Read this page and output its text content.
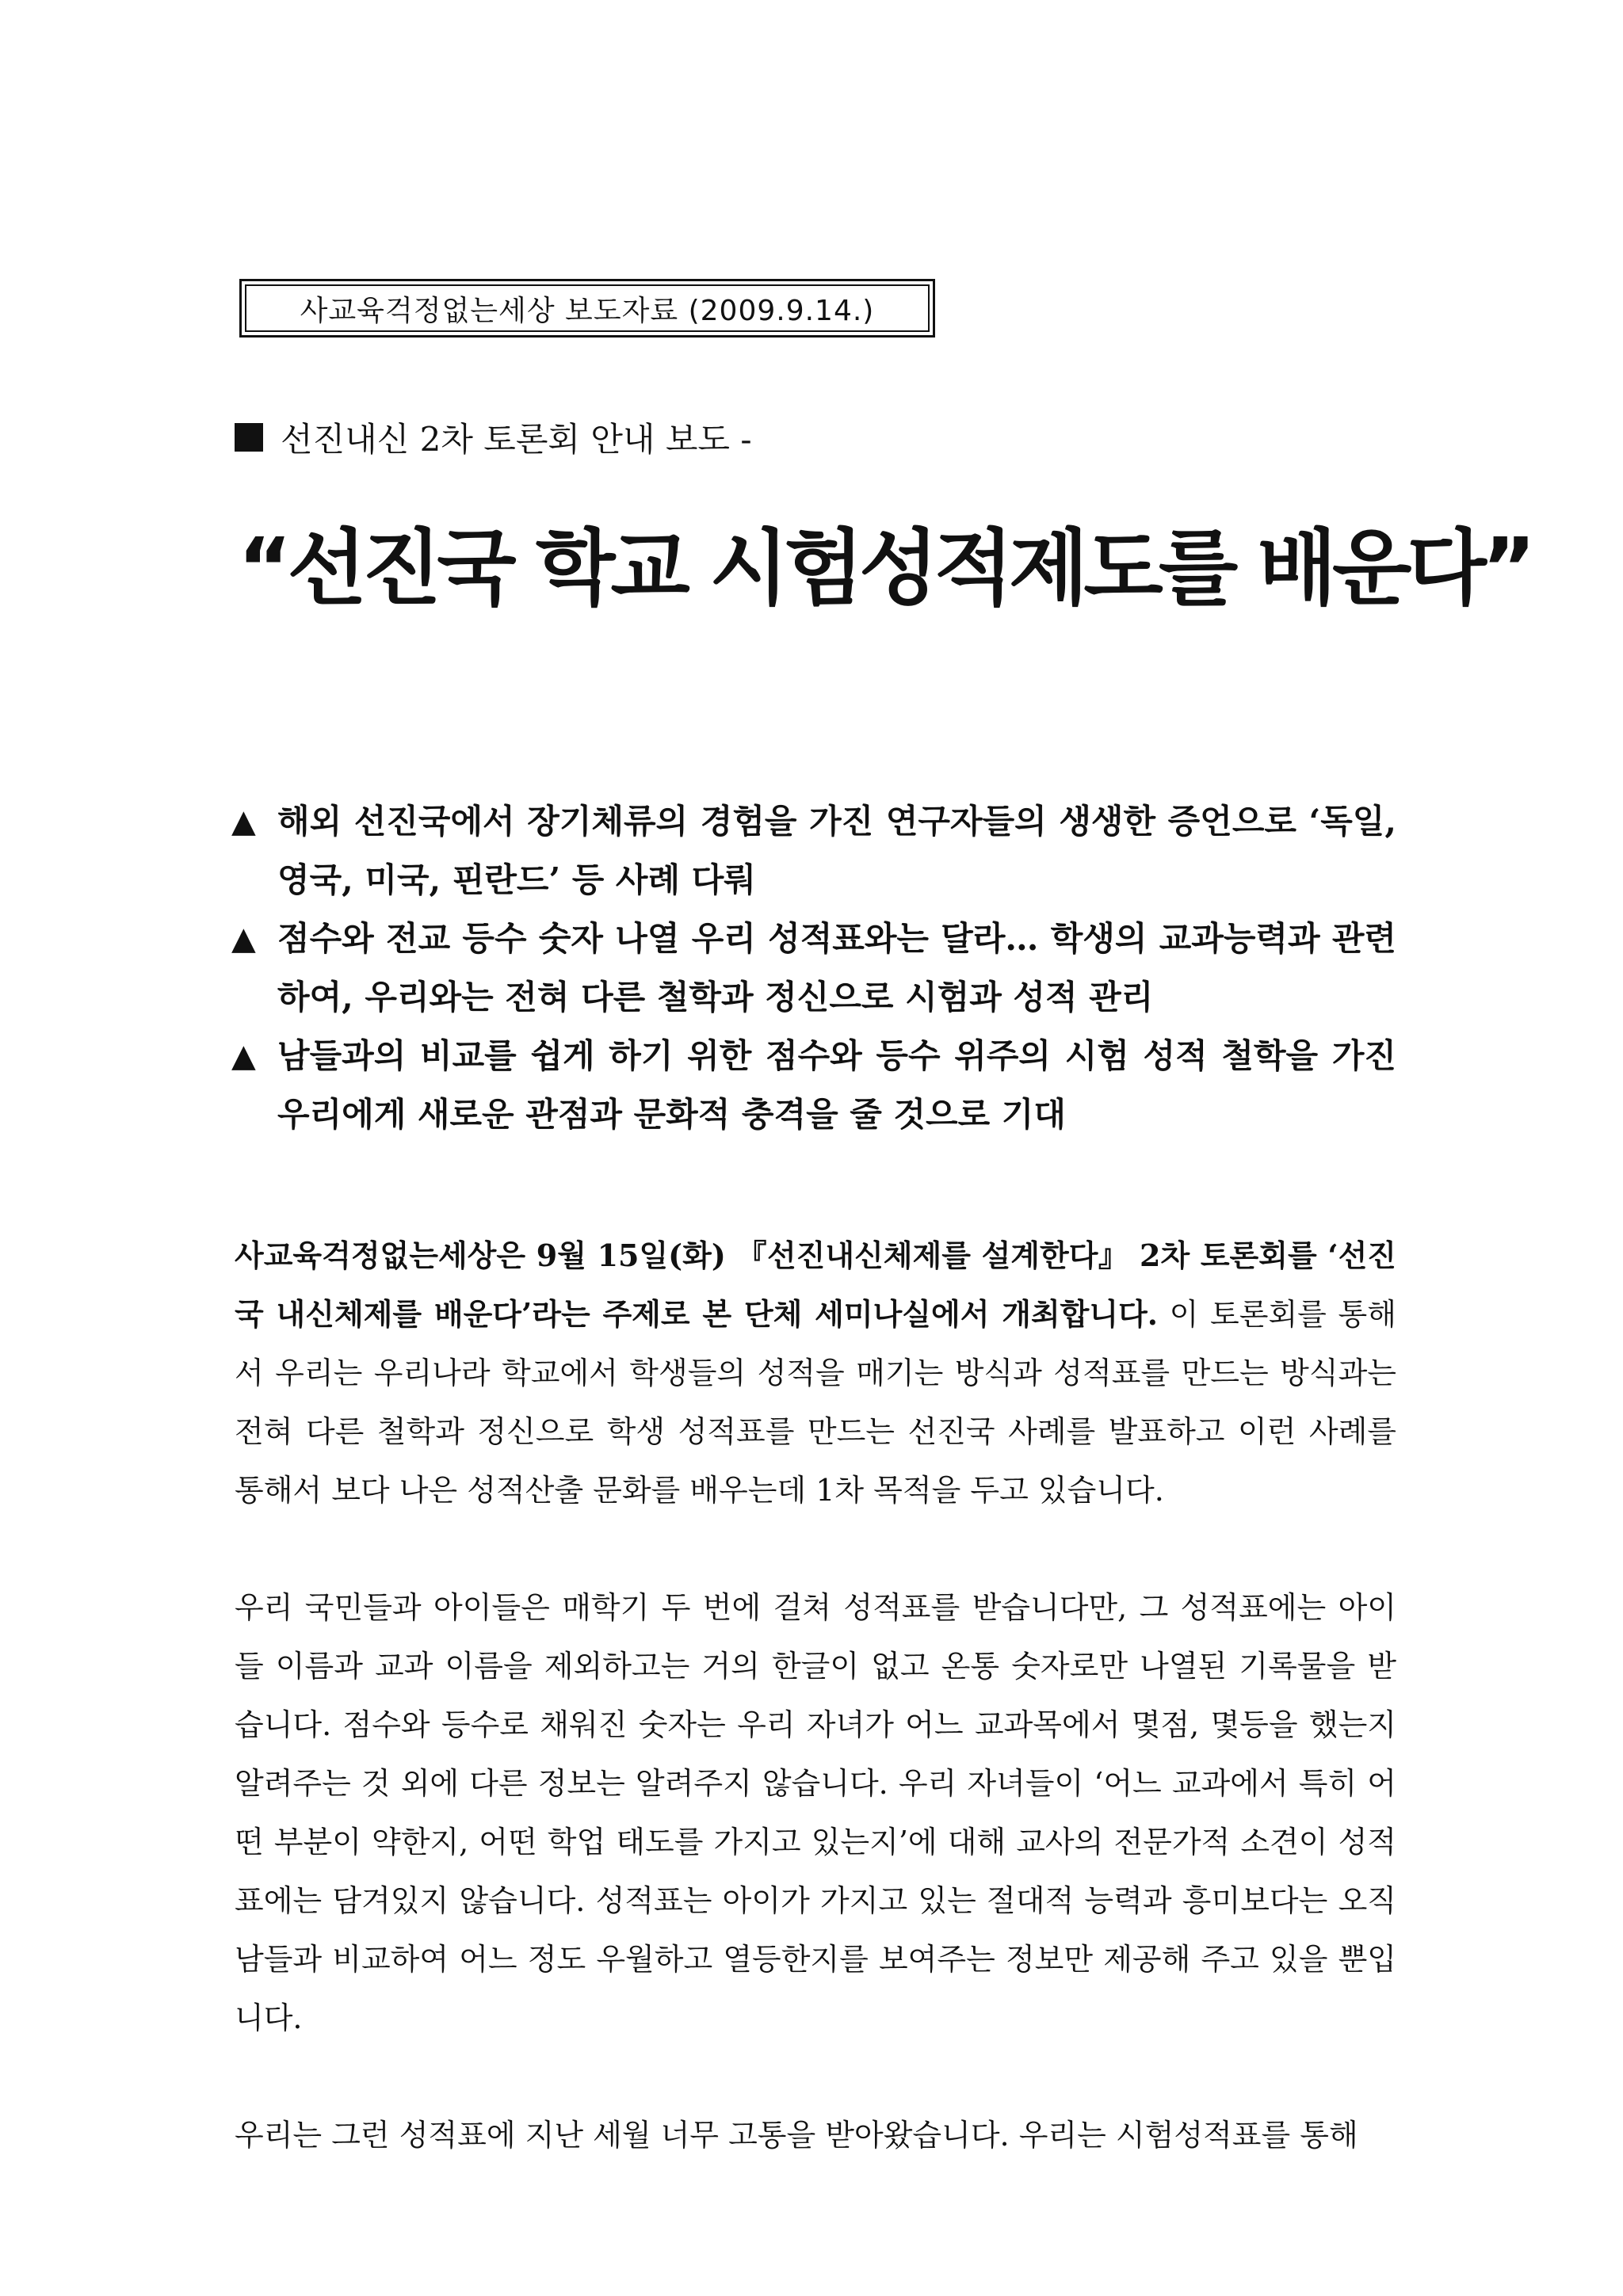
사교육걱정없는세상 보도자료 (2009.9.14.)
선진내신 2차 토론회 안내 보도 -
“선진국 학교 시험성적제도를 배운다”

▲ 해외 선진국에서 장기체류의 경험을 가진 연구자들의 생생한 증언으로 ‘독일, 영국, 미국, 핀란드’ 등 사례 다뤄

▲ 점수와 전교 등수 숫자 나열 우리 성적표와는 달라… 학생의 교과능력과 관련하여, 우리와는 전혀 다른 철학과 정신으로 시험과 성적 관리

▲ 남들과의 비교를 쉽게 하기 위한 점수와 등수 위주의 시험 성적 철학을 가진 우리에게 새로운 관점과 문화적 충격을 줄 것으로 기대

사교육걱정없는세상은 9월 15일(화) 『선진내신체제를 설계한다』 2차 토론회를 ‘선진국 내신체제를 배운다’라는 주제로 본 단체 세미나실에서 개최합니다. 이 토론회를 통해서 우리는 우리나라 학교에서 학생들의 성적을 매기는 방식과 성적표를 만드는 방식과는 전혀 다른 철학과 정신으로 학생 성적표를 만드는 선진국 사례를 발표하고 이런 사례를 통해서 보다 나은 성적산출 문화를 배우는데 1차 목적을 두고 있습니다.

우리 국민들과 아이들은 매학기 두 번에 걸쳐 성적표를 받습니다만, 그 성적표에는 아이들 이름과 교과 이름을 제외하고는 거의 한글이 없고 온통 숫자로만 나열된 기록물을 받습니다. 점수와 등수로 채워진 숫자는 우리 자녀가 어느 교과목에서 몇점, 몇등을 했는지 알려주는 것 외에 다른 정보는 알려주지 않습니다. 우리 자녀들이 ‘어느 교과에서 특히 어떤 부분이 약한지, 어떤 학업 태도를 가지고 있는지’에 대해 교사의 전문가적 소견이 성적표에는 담겨있지 않습니다. 성적표는 아이가 가지고 있는 절대적 능력과 흥미보다는 오직 남들과 비교하여 어느 정도 우월하고 열등한지를 보여주는 정보만 제공해 주고 있을 뿐입니다.

우리는 그런 성적표에 지난 세월 너무 고통을 받아왔습니다. 우리는 시험성적표를 통해
